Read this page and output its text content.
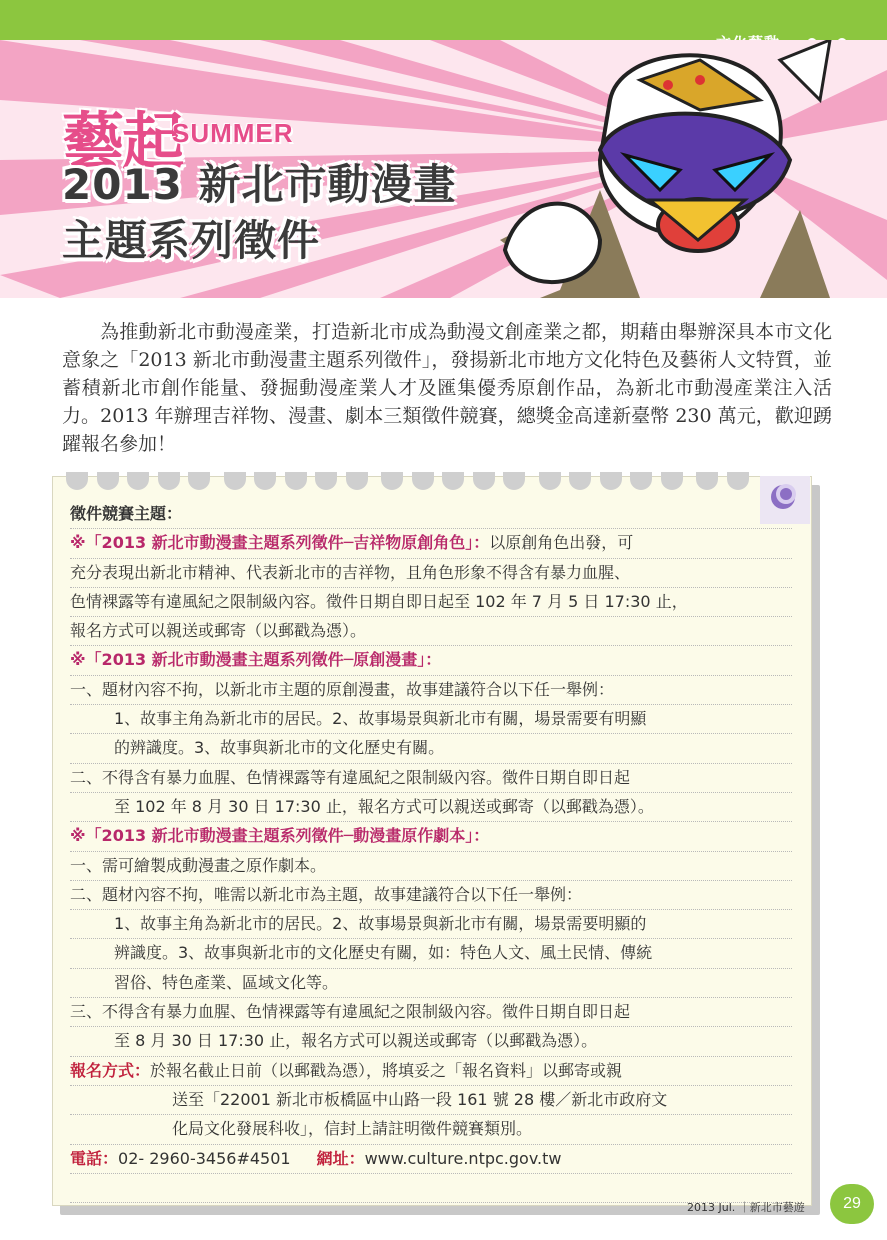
藝起
SUMMER
2013 新北市動漫畫
主題系列徵件
為推動新北市動漫產業，打造新北市成為動漫文創產業之都，期藉由舉辦深具本市文化意象之「2013 新北市動漫畫主題系列徵件」，發揚新北市地方文化特色及藝術人文特質，並蓄積新北市創作能量、發掘動漫產業人才及匯集優秀原創作品，為新北市動漫產業注入活力。2013 年辦理吉祥物、漫畫、劇本三類徵件競賽，總獎金高達新臺幣 230 萬元，歡迎踴躍報名參加！

徵件競賽主題：
※「2013 新北市動漫畫主題系列徵件─吉祥物原創角色」：以原創角色出發，可
充分表現出新北市精神、代表新北市的吉祥物，且角色形象不得含有暴力血腥、
色情裸露等有違風紀之限制級內容。徵件日期自即日起至 102 年 7 月 5 日 17:30 止，
報名方式可以親送或郵寄（以郵戳為憑）。
※「2013 新北市動漫畫主題系列徵件─原創漫畫」：
一、題材內容不拘，以新北市主題的原創漫畫，故事建議符合以下任一舉例：
1、故事主角為新北市的居民。2、故事場景與新北市有關，場景需要有明顯
的辨識度。3、故事與新北市的文化歷史有關。
二、不得含有暴力血腥、色情裸露等有違風紀之限制級內容。徵件日期自即日起
至 102 年 8 月 30 日 17:30 止，報名方式可以親送或郵寄（以郵戳為憑）。
※「2013 新北市動漫畫主題系列徵件─動漫畫原作劇本」：
一、需可繪製成動漫畫之原作劇本。
二、題材內容不拘，唯需以新北市為主題，故事建議符合以下任一舉例：
1、故事主角為新北市的居民。2、故事場景與新北市有關，場景需要明顯的
辨識度。3、故事與新北市的文化歷史有關，如：特色人文、風土民情、傳統
習俗、特色產業、區域文化等。
三、不得含有暴力血腥、色情裸露等有違風紀之限制級內容。徵件日期自即日起
至 8 月 30 日 17:30 止，報名方式可以親送或郵寄（以郵戳為憑）。
報名方式：於報名截止日前（以郵戳為憑），將填妥之「報名資料」以郵寄或親
送至「22001 新北市板橋區中山路一段 161 號 28 樓／新北市政府文
化局文化發展科收」，信封上請註明徵件競賽類別。
電話：02- 2960-3456#4501 網址：www.culture.ntpc.gov.tw
2013 Jul. ｜新北市藝遊	29
